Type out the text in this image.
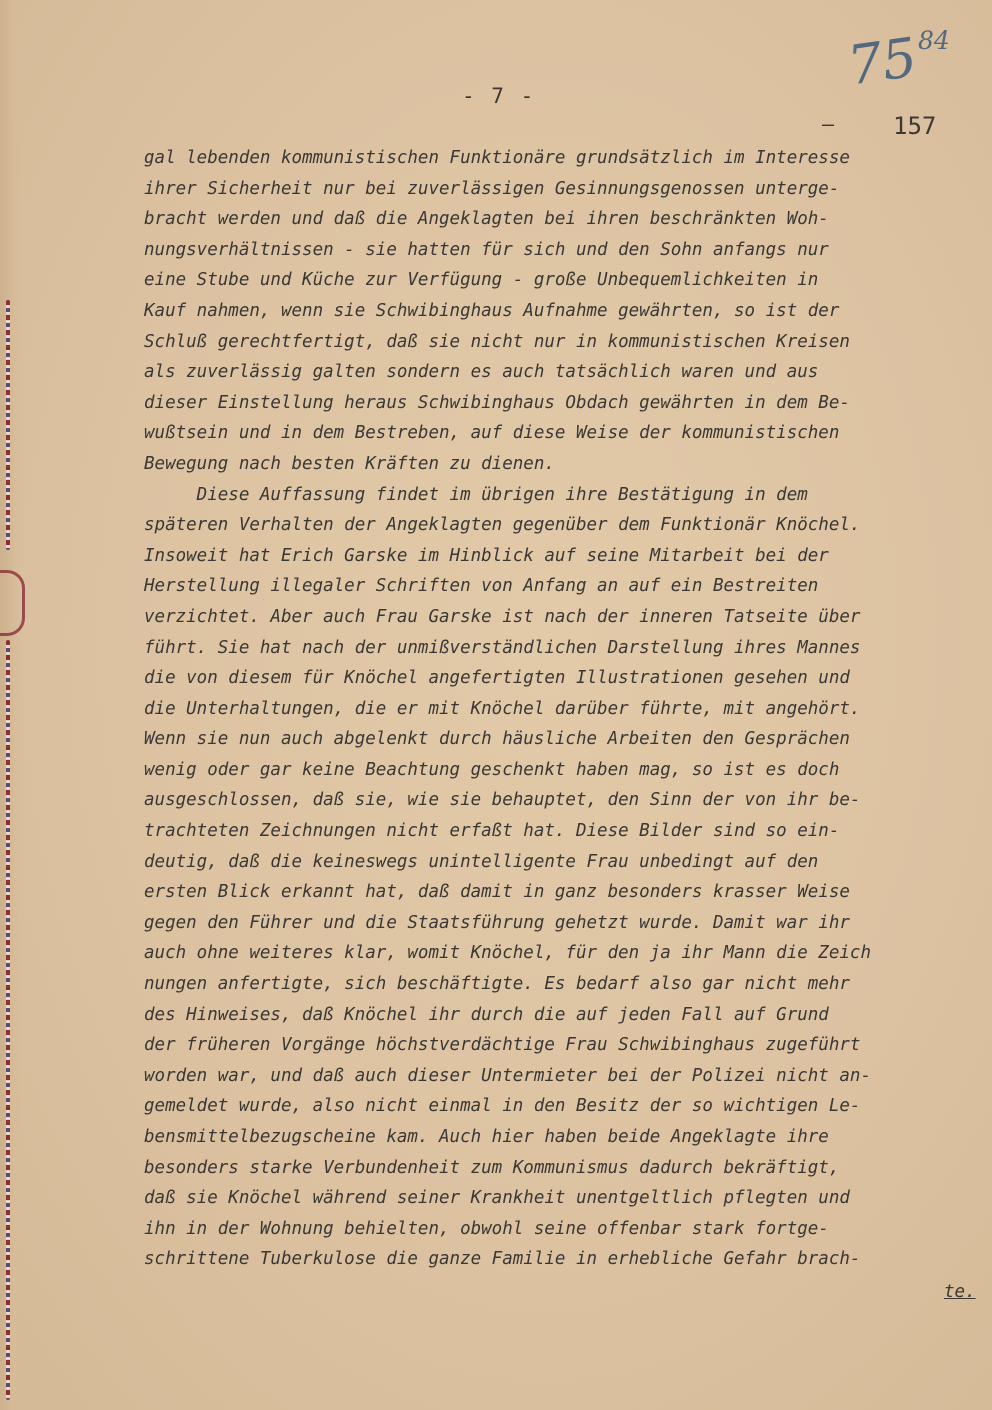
75
84
- 7 -
— 157
gal lebenden kommunistischen Funktionäre grundsätzlich im Interesse
ihrer Sicherheit nur bei zuverlässigen Gesinnungsgenossen unterge-
bracht werden und daß die Angeklagten bei ihren beschränkten Woh-
nungsverhältnissen - sie hatten für sich und den Sohn anfangs nur
eine Stube und Küche zur Verfügung - große Unbequemlichkeiten in
Kauf nahmen, wenn sie Schwibinghaus Aufnahme gewährten, so ist der
Schluß gerechtfertigt, daß sie nicht nur in kommunistischen Kreisen
als zuverlässig galten sondern es auch tatsächlich waren und aus
dieser Einstellung heraus Schwibinghaus Obdach gewährten in dem Be-
wußtsein und in dem Bestreben, auf diese Weise der kommunistischen
Bewegung nach besten Kräften zu dienen.
Diese Auffassung findet im übrigen ihre Bestätigung in dem
späteren Verhalten der Angeklagten gegenüber dem Funktionär Knöchel.
Insoweit hat Erich Garske im Hinblick auf seine Mitarbeit bei der
Herstellung illegaler Schriften von Anfang an auf ein Bestreiten
verzichtet. Aber auch Frau Garske ist nach der inneren Tatseite über
führt. Sie hat nach der unmißverständlichen Darstellung ihres Mannes
die von diesem für Knöchel angefertigten Illustrationen gesehen und
die Unterhaltungen, die er mit Knöchel darüber führte, mit angehört.
Wenn sie nun auch abgelenkt durch häusliche Arbeiten den Gesprächen
wenig oder gar keine Beachtung geschenkt haben mag, so ist es doch
ausgeschlossen, daß sie, wie sie behauptet, den Sinn der von ihr be-
trachteten Zeichnungen nicht erfaßt hat. Diese Bilder sind so ein-
deutig, daß die keineswegs unintelligente Frau unbedingt auf den
ersten Blick erkannt hat, daß damit in ganz besonders krasser Weise
gegen den Führer und die Staatsführung gehetzt wurde. Damit war ihr
auch ohne weiteres klar, womit Knöchel, für den ja ihr Mann die Zeich
nungen anfertigte, sich beschäftigte. Es bedarf also gar nicht mehr
des Hinweises, daß Knöchel ihr durch die auf jeden Fall auf Grund
der früheren Vorgänge höchstverdächtige Frau Schwibinghaus zugeführt
worden war, und daß auch dieser Untermieter bei der Polizei nicht an-
gemeldet wurde, also nicht einmal in den Besitz der so wichtigen Le-
bensmittelbezugscheine kam. Auch hier haben beide Angeklagte ihre
besonders starke Verbundenheit zum Kommunismus dadurch bekräftigt,
daß sie Knöchel während seiner Krankheit unentgeltlich pflegten und
ihn in der Wohnung behielten, obwohl seine offenbar stark fortge-
schrittene Tuberkulose die ganze Familie in erhebliche Gefahr brach-
te.
